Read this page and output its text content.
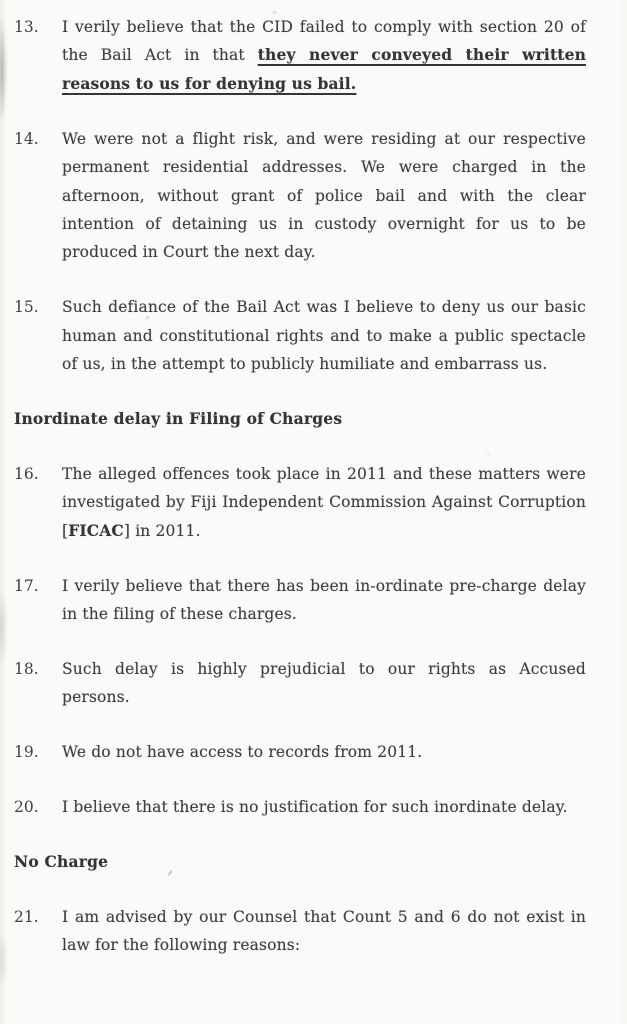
13.	I verily believe that the CID failed to comply with section 20 of the Bail Act in that they never conveyed their written reasons to us for denying us bail.
14.	We were not a flight risk, and were residing at our respective permanent residential addresses. We were charged in the afternoon, without grant of police bail and with the clear intention of detaining us in custody overnight for us to be produced in Court the next day.
15.	Such defiance of the Bail Act was I believe to deny us our basic human and constitutional rights and to make a public spectacle of us, in the attempt to publicly humiliate and embarrass us.
Inordinate delay in Filing of Charges
16.	The alleged offences took place in 2011 and these matters were investigated by Fiji Independent Commission Against Corruption [FICAC] in 2011.
17.	I verily believe that there has been in-ordinate pre-charge delay in the filing of these charges.
18.	Such delay is highly prejudicial to our rights as Accused persons.
19.	We do not have access to records from 2011.
20.	I believe that there is no justification for such inordinate delay.
No Charge
21.	I am advised by our Counsel that Count 5 and 6 do not exist in law for the following reasons:
